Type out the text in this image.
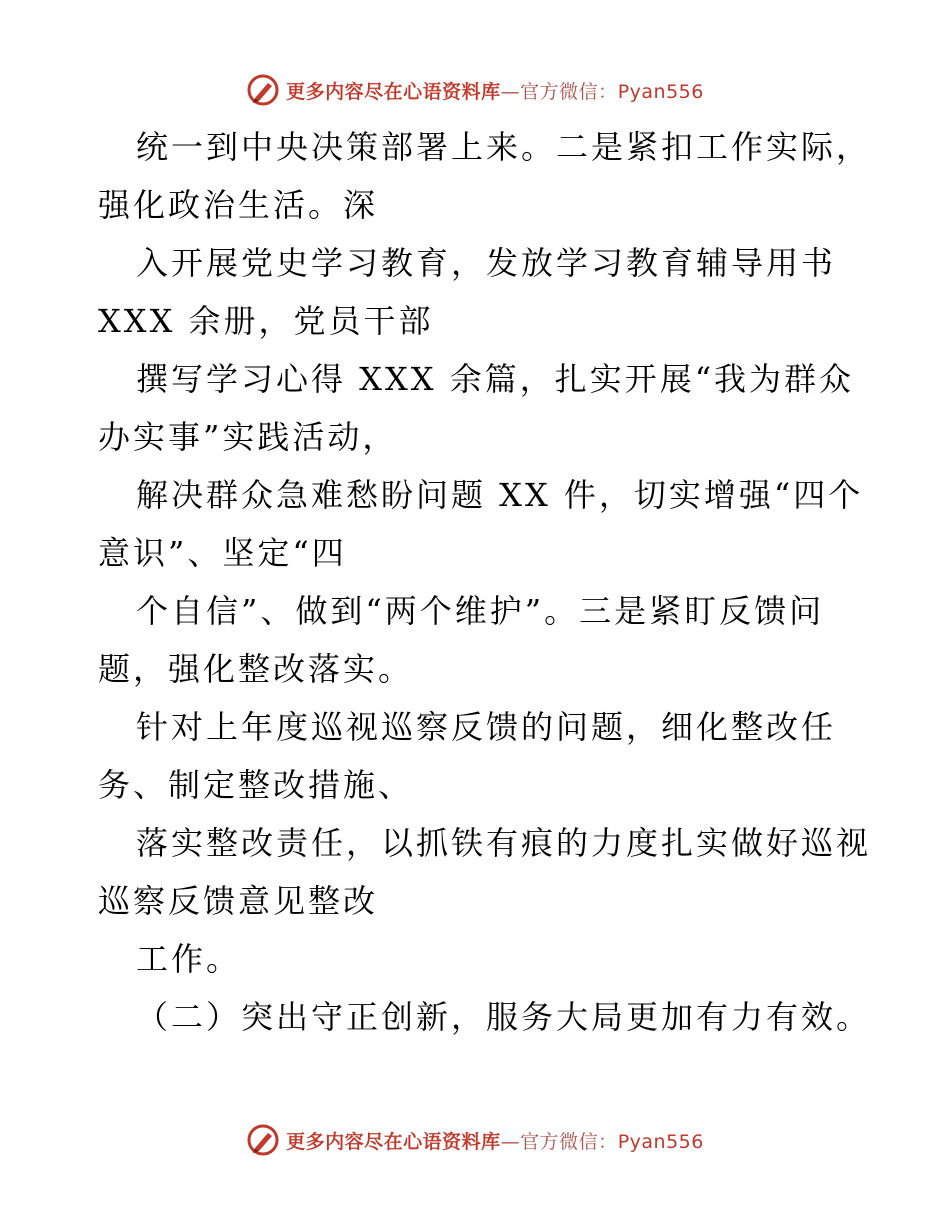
更多内容尽在心语资料库—官方微信：Pyan556
统一到中央决策部署上来。二是紧扣工作实际，
强化政治生活。深
入开展党史学习教育，发放学习教育辅导用书
XXX 余册，党员干部
撰写学习心得 XXX 余篇，扎实开展“我为群众
办实事”实践活动，
解决群众急难愁盼问题 XX 件，切实增强“四个
意识”、坚定“四
个自信”、做到“两个维护”。三是紧盯反馈问
题，强化整改落实。
针对上年度巡视巡察反馈的问题，细化整改任
务、制定整改措施、
落实整改责任，以抓铁有痕的力度扎实做好巡视
巡察反馈意见整改
工作。
（二）突出守正创新，服务大局更加有力有效。
更多内容尽在心语资料库—官方微信：Pyan556
